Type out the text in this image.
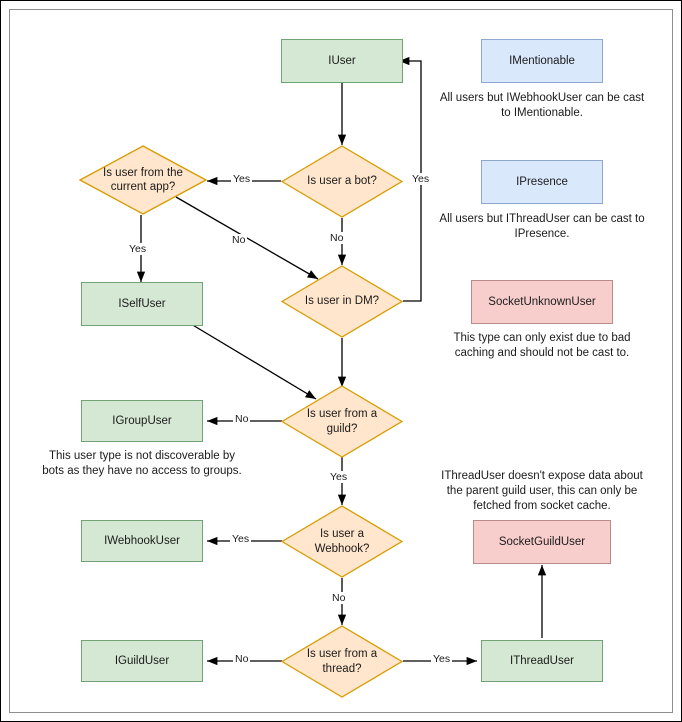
IUser
ISelfUser
IGroupUser
IWebhookUser
IGuildUser	IThreadUser
IMentionable
IPresence
SocketUnknownUser
SocketGuildUser
Is user a bot?
Is user from the current app?
Is user in DM?
Is user from a guild?
Is user a Webhook?
Is user from a thread?
Yes
No
Yes
Yes
No
No
Yes
Yes
No
No	Yes
All users but IWebhookUser can be cast to IMentionable.
All users but IThreadUser can be cast to IPresence.
This type can only exist due to bad caching and should not be cast to.
This user type is not discoverable by bots as they have no access to groups.	IThreadUser doesn't expose data about the parent guild user, this can only be fetched from socket cache.
